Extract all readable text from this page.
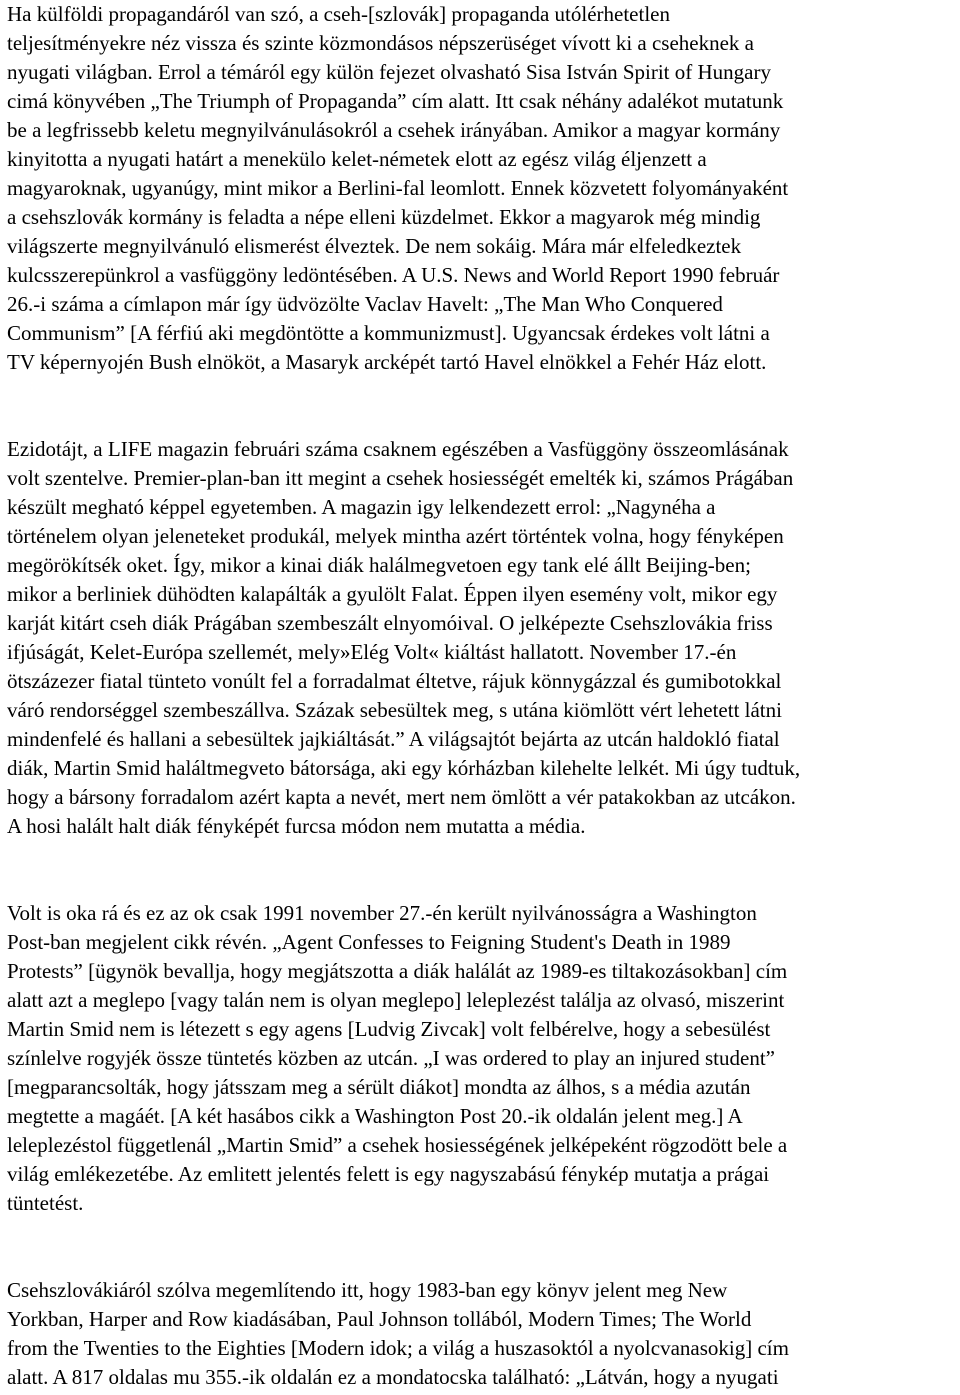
Ha külföldi propagandáról van szó, a cseh-[szlovák] propaganda utólérhetetlen
teljesítményekre néz vissza és szinte közmondásos népszerüséget vívott ki a cseheknek a
nyugati világban. Errol a témáról egy külön fejezet olvasható Sisa István Spirit of Hungary
cimá könyvében „The Triumph of Propaganda” cím alatt. Itt csak néhány adalékot mutatunk
be a legfrissebb keletu megnyilvánulásokról a csehek irányában. Amikor a magyar kormány
kinyitotta a nyugati határt a menekülo kelet-németek elott az egész világ éljenzett a
magyaroknak, ugyanúgy, mint mikor a Berlini-fal leomlott. Ennek közvetett folyományaként
a csehszlovák kormány is feladta a népe elleni küzdelmet. Ekkor a magyarok még mindig
világszerte megnyilvánuló elismerést élveztek. De nem sokáig. Mára már elfeledkeztek
kulcsszerepünkrol a vasfüggöny ledöntésében. A U.S. News and World Report 1990 február
26.-i száma a címlapon már így üdvözölte Vaclav Havelt: „The Man Who Conquered
Communism” [A férfiú aki megdöntötte a kommunizmust]. Ugyancsak érdekes volt látni a
TV képernyojén Bush elnököt, a Masaryk arcképét tartó Havel elnökkel a Fehér Ház elott.
Ezidotájt, a LIFE magazin februári száma csaknem egészében a Vasfüggöny összeomlásának
volt szentelve. Premier-plan-ban itt megint a csehek hosiességét emelték ki, számos Prágában
készült megható képpel egyetemben. A magazin igy lelkendezett errol: „Nagynéha a
történelem olyan jeleneteket produkál, melyek mintha azért történtek volna, hogy fényképen
megörökítsék oket. Így, mikor a kinai diák halálmegvetoen egy tank elé állt Beijing-ben;
mikor a berliniek dühödten kalapálták a gyulölt Falat. Éppen ilyen esemény volt, mikor egy
karját kitárt cseh diák Prágában szembeszált elnyomóival. O jelképezte Csehszlovákia friss
ifjúságát, Kelet-Európa szellemét, mely»Elég Volt« kiáltást hallatott. November 17.-én
ötszázezer fiatal tünteto vonúlt fel a forradalmat éltetve, rájuk könnygázzal és gumibotokkal
váró rendorséggel szembeszállva. Százak sebesültek meg, s utána kiömlött vért lehetett látni
mindenfelé és hallani a sebesültek jajkiáltását.” A világsajtót bejárta az utcán haldokló fiatal
diák, Martin Smid haláltmegveto bátorsága, aki egy kórházban kilehelte lelkét. Mi úgy tudtuk,
hogy a bársony forradalom azért kapta a nevét, mert nem ömlött a vér patakokban az utcákon.
A hosi halált halt diák fényképét furcsa módon nem mutatta a média.
Volt is oka rá és ez az ok csak 1991 november 27.-én került nyilvánosságra a Washington
Post-ban megjelent cikk révén. „Agent Confesses to Feigning Student's Death in 1989
Protests” [ügynök bevallja, hogy megjátszotta a diák halálát az 1989-es tiltakozásokban] cím
alatt azt a meglepo [vagy talán nem is olyan meglepo] leleplezést találja az olvasó, miszerint
Martin Smid nem is létezett s egy agens [Ludvig Zivcak] volt felbérelve, hogy a sebesülést
színlelve rogyjék össze tüntetés közben az utcán. „I was ordered to play an injured student”
[megparancsolták, hogy játsszam meg a sérült diákot] mondta az álhos, s a média azután
megtette a magáét. [A két hasábos cikk a Washington Post 20.-ik oldalán jelent meg.] A
leleplezéstol függetlenál „Martin Smid” a csehek hosiességének jelképeként rögzodött bele a
világ emlékezetébe. Az emlitett jelentés felett is egy nagyszabású fénykép mutatja a prágai
tüntetést.
Csehszlovákiáról szólva megemlítendo itt, hogy 1983-ban egy könyv jelent meg New
Yorkban, Harper and Row kiadásában, Paul Johnson tollából, Modern Times; The World
from the Twenties to the Eighties [Modern idok; a világ a huszasoktól a nyolcvanasokig] cím
alatt. A 817 oldalas mu 355.-ik oldalán ez a mondatocska található: „Látván, hogy a nyugati
